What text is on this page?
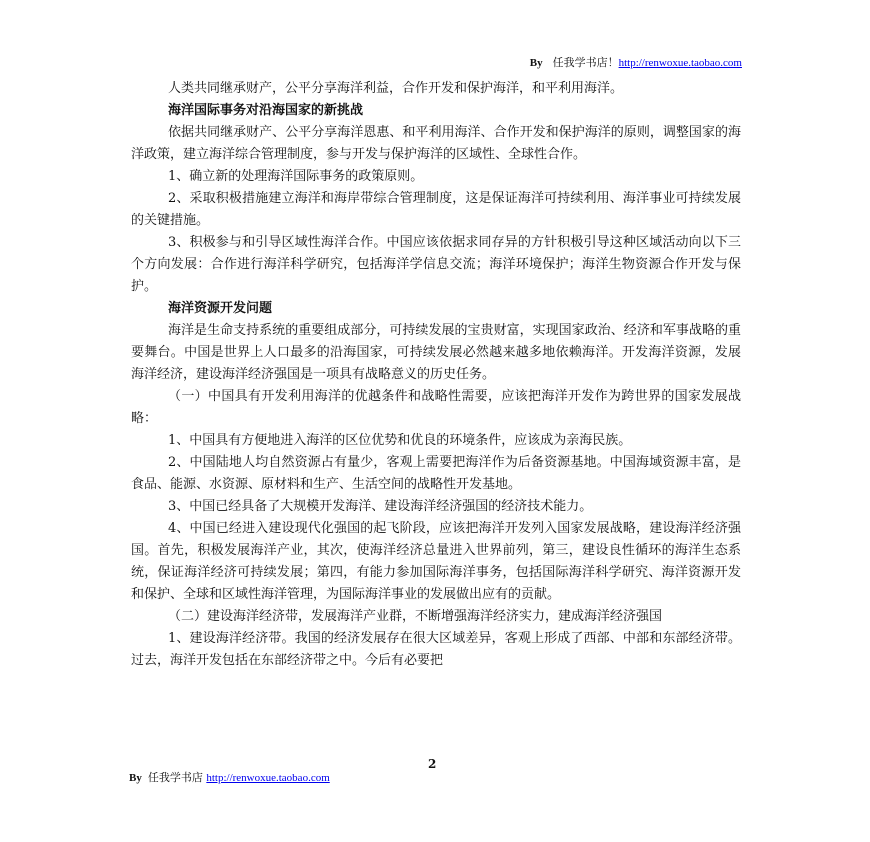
By 任我学书店！http://renwoxue.taobao.com

人类共同继承财产，公平分享海洋利益，合作开发和保护海洋，和平利用海洋。

海洋国际事务对沿海国家的新挑战

依据共同继承财产、公平分享海洋恩惠、和平利用海洋、合作开发和保护海洋的原则，调整国家的海洋政策，建立海洋综合管理制度，参与开发与保护海洋的区域性、全球性合作。

1、确立新的处理海洋国际事务的政策原则。

2、采取积极措施建立海洋和海岸带综合管理制度，这是保证海洋可持续利用、海洋事业可持续发展的关键措施。

3、积极参与和引导区域性海洋合作。中国应该依据求同存异的方针积极引导这种区域活动向以下三个方向发展：合作进行海洋科学研究，包括海洋学信息交流；海洋环境保护；海洋生物资源合作开发与保护。

海洋资源开发问题

海洋是生命支持系统的重要组成部分，可持续发展的宝贵财富，实现国家政治、经济和军事战略的重要舞台。中国是世界上人口最多的沿海国家，可持续发展必然越来越多地依赖海洋。开发海洋资源，发展海洋经济，建设海洋经济强国是一项具有战略意义的历史任务。

（一）中国具有开发利用海洋的优越条件和战略性需要，应该把海洋开发作为跨世界的国家发展战略：

1、中国具有方便地进入海洋的区位优势和优良的环境条件，应该成为亲海民族。

2、中国陆地人均自然资源占有量少，客观上需要把海洋作为后备资源基地。中国海域资源丰富，是食品、能源、水资源、原材料和生产、生活空间的战略性开发基地。

3、中国已经具备了大规模开发海洋、建设海洋经济强国的经济技术能力。

4、中国已经进入建设现代化强国的起飞阶段，应该把海洋开发列入国家发展战略，建设海洋经济强国。首先，积极发展海洋产业，其次，使海洋经济总量进入世界前列，第三，建设良性循环的海洋生态系统，保证海洋经济可持续发展；第四，有能力参加国际海洋事务，包括国际海洋科学研究、海洋资源开发和保护、全球和区域性海洋管理，为国际海洋事业的发展做出应有的贡献。

（二）建设海洋经济带，发展海洋产业群，不断增强海洋经济实力，建成海洋经济强国

1、建设海洋经济带。我国的经济发展存在很大区域差异，客观上形成了西部、中部和东部经济带。过去，海洋开发包括在东部经济带之中。今后有必要把

2
By 任我学书店 http://renwoxue.taobao.com
